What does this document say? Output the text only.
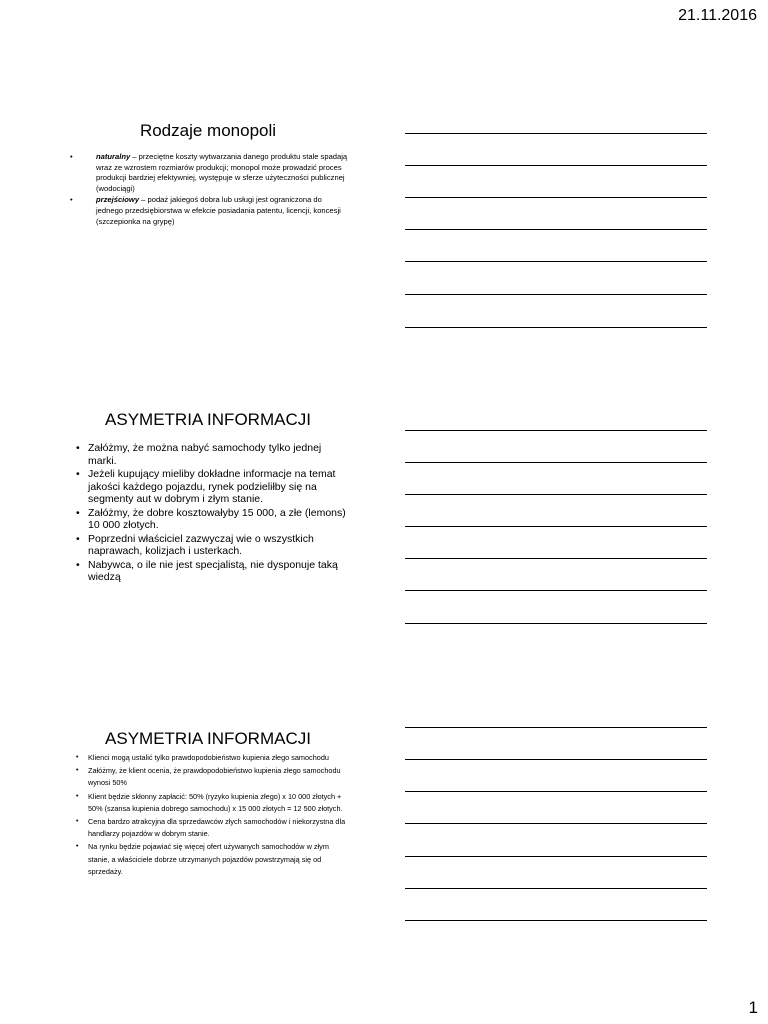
21.11.2016
Rodzaje monopoli
• naturalny – przeciętne koszty wytwarzania danego produktu stale spadają wraz ze wzrostem rozmiarów produkcji; monopol może prowadzić proces produkcji bardziej efektywniej, występuje w sferze użyteczności publicznej (wodociągi)
• przejściowy – podaż jakiegoś dobra lub usługi jest ograniczona do jednego przedsiębiorstwa w efekcie posiadania patentu, licencji, koncesji (szczepionka na grypę)
ASYMETRIA INFORMACJI
• Załóżmy, że można nabyć samochody tylko jednej marki.
• Jeżeli kupujący mieliby dokładne informacje na temat jakości każdego pojazdu, rynek podzieliłby się na segmenty aut w dobrym i złym stanie.
• Załóżmy, że dobre kosztowałyby 15 000, a złe (lemons) 10 000 złotych.
• Poprzedni właściciel zazwyczaj wie o wszystkich naprawach, kolizjach i usterkach.
• Nabywca, o ile nie jest specjalistą, nie dysponuje taką wiedzą
ASYMETRIA INFORMACJI
• Klienci mogą ustalić tylko prawdopodobieństwo kupienia złego samochodu
• Załóżmy, że klient ocenia, że prawdopodobieństwo kupienia złego samochodu wynosi 50%
• Klient będzie skłonny zapłacić: 50% (ryzyko kupienia złego) x 10 000 złotych + 50% (szansa kupienia dobrego samochodu) x 15 000 złotych = 12 500 złotych.
• Cena bardzo atrakcyjna dla sprzedawców złych samochodów i niekorzystna dla handlarzy pojazdów w dobrym stanie.
• Na rynku będzie pojawiać się więcej ofert używanych samochodów w złym stanie, a właściciele dobrze utrzymanych pojazdów powstrzymają się od sprzedaży.
1
